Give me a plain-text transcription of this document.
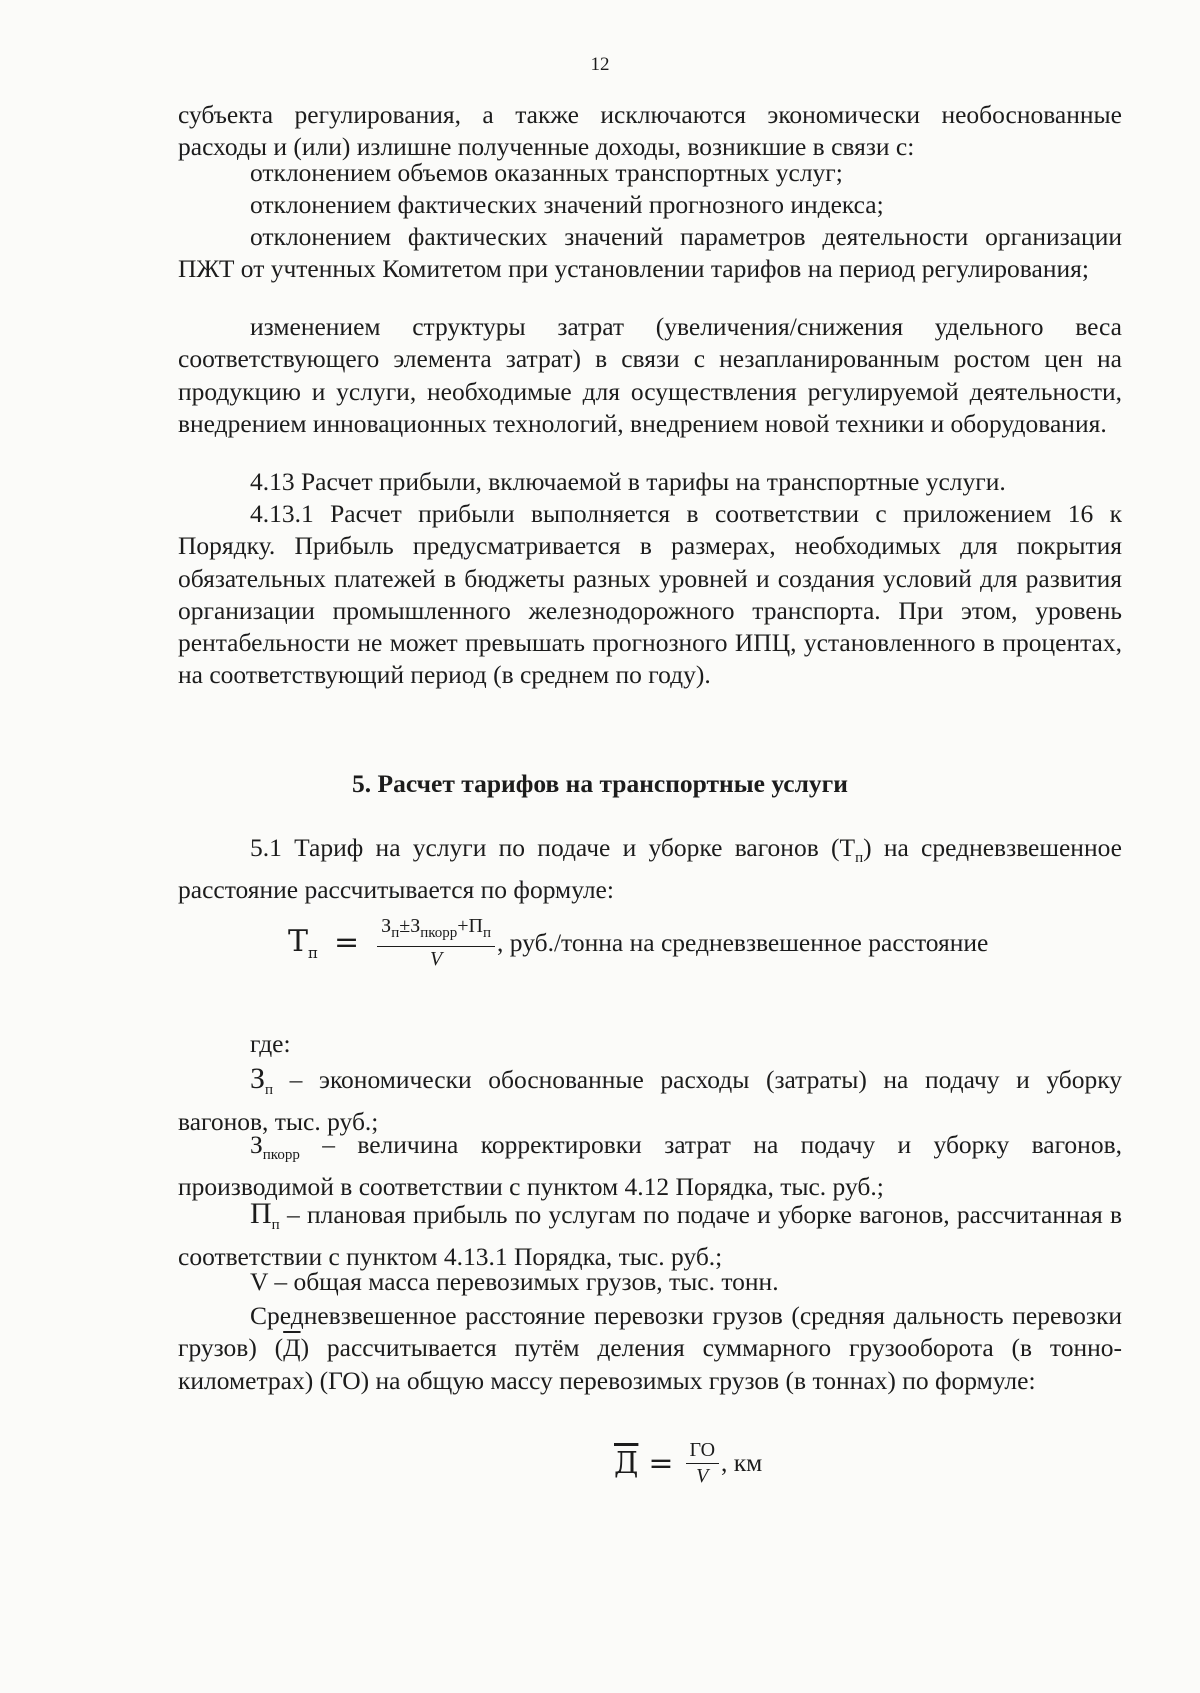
12
субъекта регулирования, а также исключаются экономически необоснованные расходы и (или) излишне полученные доходы, возникшие в связи с:
отклонением объемов оказанных транспортных услуг;
отклонением фактических значений прогнозного индекса;
отклонением фактических значений параметров деятельности организации ПЖТ от учтенных Комитетом при установлении тарифов на период регулирования;
изменением структуры затрат (увеличения/снижения удельного веса соответствующего элемента затрат) в связи с незапланированным ростом цен на продукцию и услуги, необходимые для осуществления регулируемой деятельности, внедрением инновационных технологий, внедрением новой техники и оборудования.
4.13 Расчет прибыли, включаемой в тарифы на транспортные услуги.
4.13.1 Расчет прибыли выполняется в соответствии с приложением 16 к Порядку. Прибыль предусматривается в размерах, необходимых для покрытия обязательных платежей в бюджеты разных уровней и создания условий для развития организации промышленного железнодорожного транспорта. При этом, уровень рентабельности не может превышать прогнозного ИПЦ, установленного в процентах, на соответствующий период (в среднем по году).
5. Расчет тарифов на транспортные услуги
5.1 Тариф на услуги по подаче и уборке вагонов $(Т_п)$ на средневзвешенное расстояние рассчитывается по формуле:
$Т_п = \frac{З_п\pm З_{пкорр}+П_п}{V}$ , руб./тонна на средневзвешенное расстояние
где:
$З_п$ – экономически обоснованные расходы (затраты) на подачу и уборку вагонов, тыс. руб.;
$З_{пкорр}$ – величина корректировки затрат на подачу и уборку вагонов, производимой в соответствии с пунктом 4.12 Порядка, тыс. руб.;
$П_п$ – плановая прибыль по услугам по подаче и уборке вагонов, рассчитанная в соответствии с пунктом 4.13.1 Порядка, тыс. руб.;
V – общая масса перевозимых грузов, тыс. тонн.
Средневзвешенное расстояние перевозки грузов (средняя дальность перевозки грузов) (Д) рассчитывается путём деления суммарного грузооборота (в тонно-километрах) (ГО) на общую массу перевозимых грузов (в тоннах) по формуле:
$Д = \frac{ГО}{V}$ , км
